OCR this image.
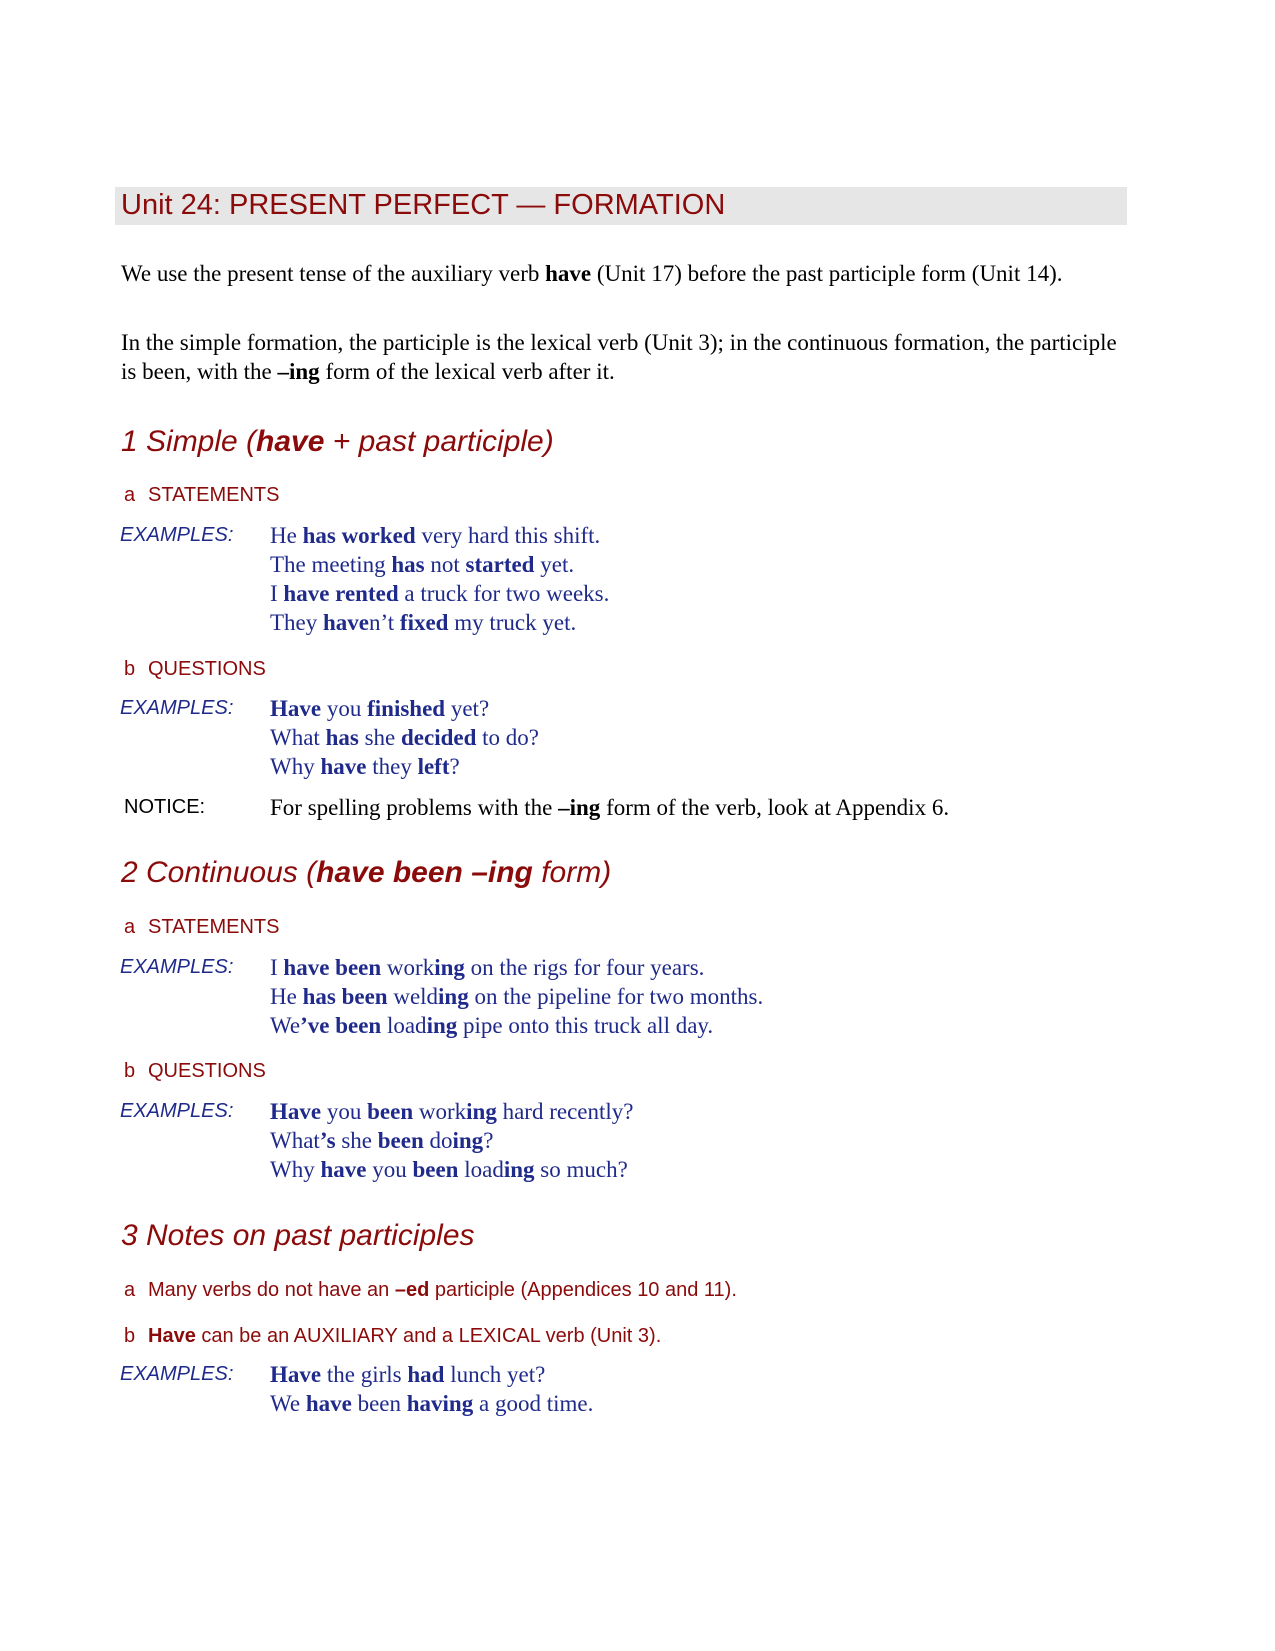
Unit 24: PRESENT PERFECT — FORMATION
We use the present tense of the auxiliary verb have (Unit 17) before the past participle form (Unit 14).
In the simple formation, the participle is the lexical verb (Unit 3); in the continuous formation, the participle is been, with the –ing form of the lexical verb after it.
1 Simple (have + past participle)
a STATEMENTS
EXAMPLES: He has worked very hard this shift.
The meeting has not started yet.
I have rented a truck for two weeks.
They haven’t fixed my truck yet.
b QUESTIONS
EXAMPLES: Have you finished yet?
What has she decided to do?
Why have they left?
NOTICE:	For spelling problems with the –ing form of the verb, look at Appendix 6.
2 Continuous (have been –ing form)
a STATEMENTS
EXAMPLES: I have been working on the rigs for four years.
He has been welding on the pipeline for two months.
We’ve been loading pipe onto this truck all day.
b QUESTIONS
EXAMPLES: Have you been working hard recently?
What’s she been doing?
Why have you been loading so much?
3 Notes on past participles
a Many verbs do not have an –ed participle (Appendices 10 and 11).
b Have can be an AUXILIARY and a LEXICAL verb (Unit 3).
EXAMPLES: Have the girls had lunch yet?
We have been having a good time.
